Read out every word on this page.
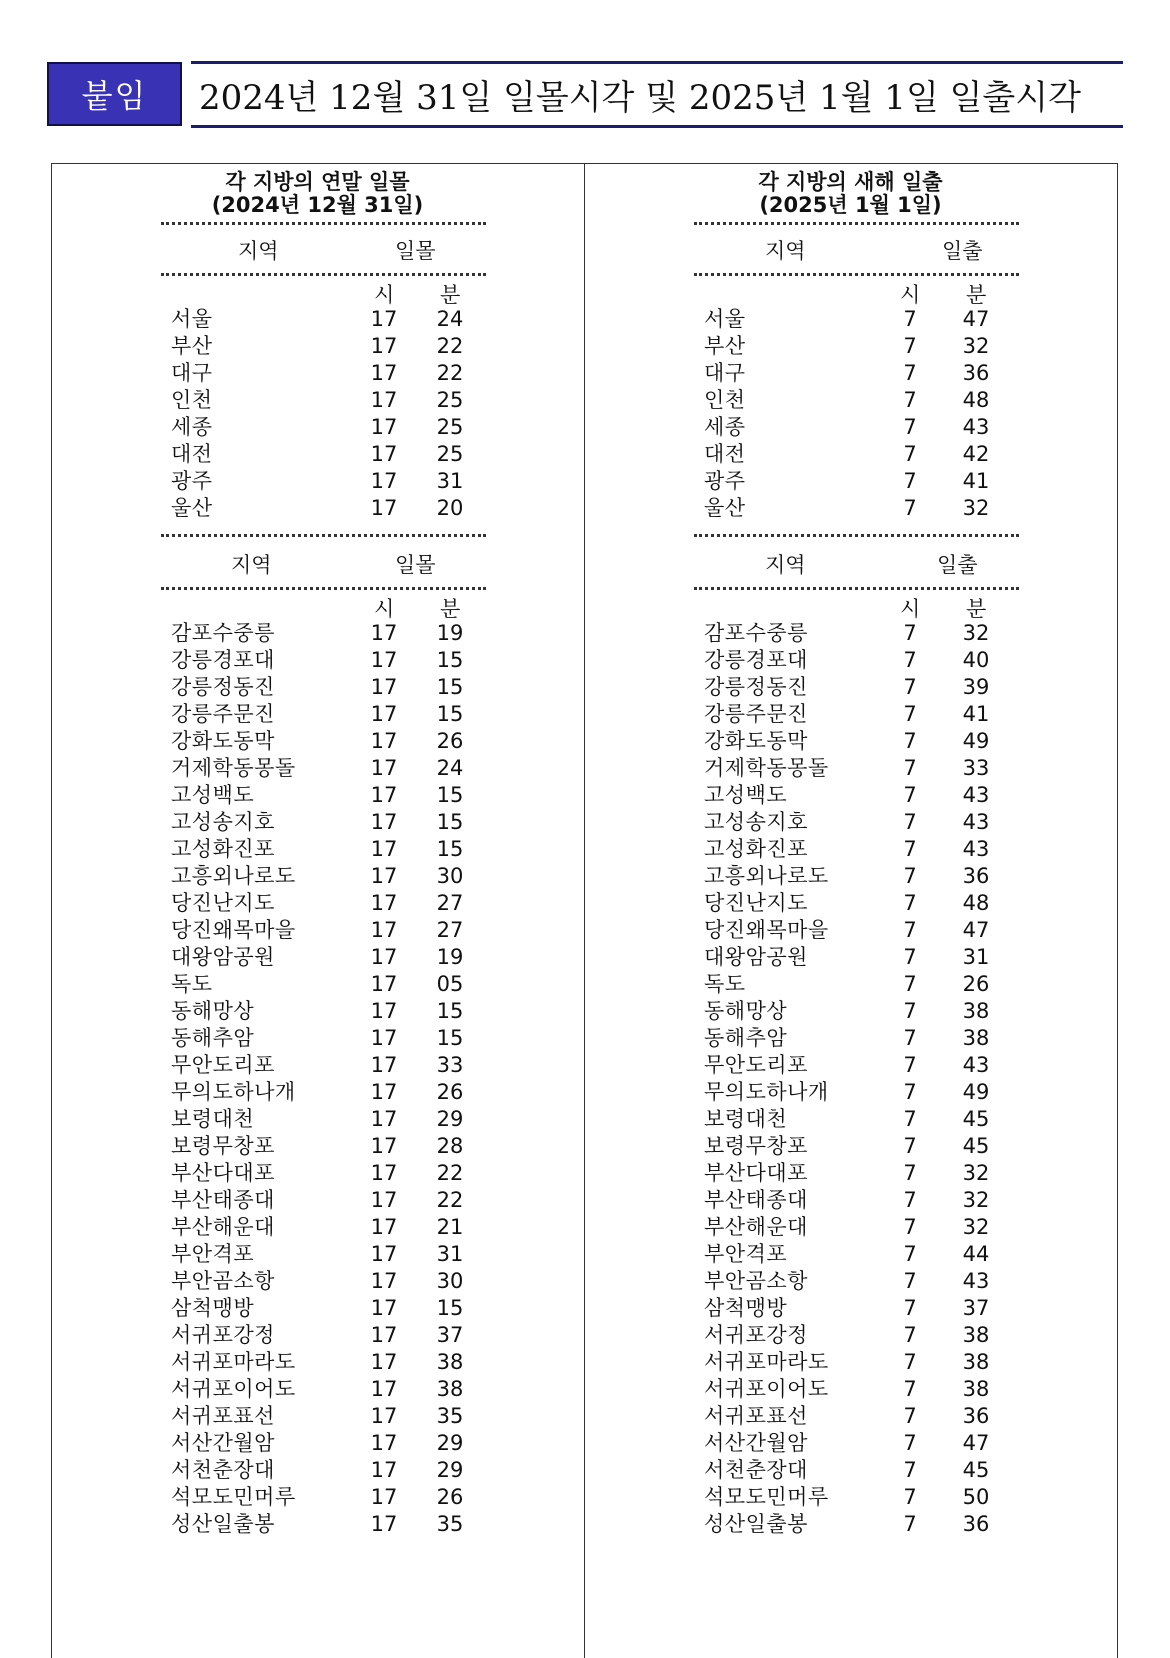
붙임	2024년 12월 31일 일몰시각 및 2025년 1월 1일 일출시각
각 지방의 연말 일몰
(2024년 12월 31일)
지역	일몰
시 분
서울	17	24
부산	17	22
대구	17	22
인천	17	25
세종	17	25
대전	17	25
광주	17	31
울산	17	20
지역	일몰
시 분
감포수중릉	17	19
강릉경포대	17	15
강릉정동진	17	15
강릉주문진	17	15
강화도동막	17	26
거제학동몽돌	17	24
고성백도	17	15
고성송지호	17	15
고성화진포	17	15
고흥외나로도	17	30
당진난지도	17	27
당진왜목마을	17	27
대왕암공원	17	19
독도	17	05
동해망상	17	15
동해추암	17	15
무안도리포	17	33
무의도하나개	17	26
보령대천	17	29
보령무창포	17	28
부산다대포	17	22
부산태종대	17	22
부산해운대	17	21
부안격포	17	31
부안곰소항	17	30
삼척맹방	17	15
서귀포강정	17	37
서귀포마라도	17	38
서귀포이어도	17	38
서귀포표선	17	35
서산간월암	17	29
서천춘장대	17	29
석모도민머루	17	26
성산일출봉	17	35
각 지방의 새해 일출
(2025년 1월 1일)
지역	일출
시 분
서울	7	47
부산	7	32
대구	7	36
인천	7	48
세종	7	43
대전	7	42
광주	7	41
울산	7	32
지역	일출
시 분
감포수중릉	7	32
강릉경포대	7	40
강릉정동진	7	39
강릉주문진	7	41
강화도동막	7	49
거제학동몽돌	7	33
고성백도	7	43
고성송지호	7	43
고성화진포	7	43
고흥외나로도	7	36
당진난지도	7	48
당진왜목마을	7	47
대왕암공원	7	31
독도	7	26
동해망상	7	38
동해추암	7	38
무안도리포	7	43
무의도하나개	7	49
보령대천	7	45
보령무창포	7	45
부산다대포	7	32
부산태종대	7	32
부산해운대	7	32
부안격포	7	44
부안곰소항	7	43
삼척맹방	7	37
서귀포강정	7	38
서귀포마라도	7	38
서귀포이어도	7	38
서귀포표선	7	36
서산간월암	7	47
서천춘장대	7	45
석모도민머루	7	50
성산일출봉	7	36
